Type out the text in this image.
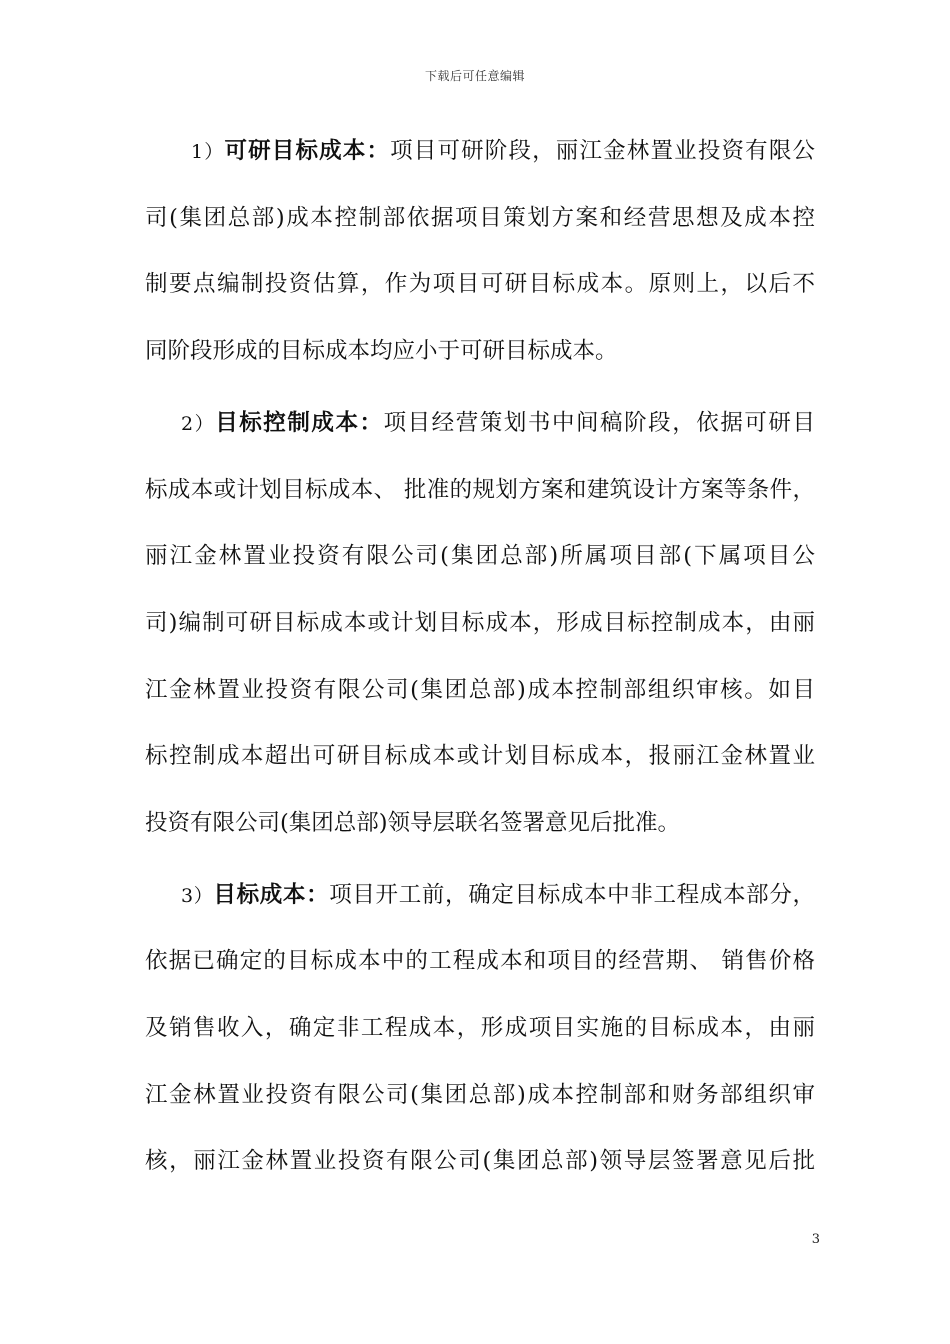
下载后可任意编辑
1）可研目标成本：项目可研阶段，丽江金林置业投资有限公
司(集团总部)成本控制部依据项目策划方案和经营思想及成本控
制要点编制投资估算，作为项目可研目标成本。原则上，以后不
同阶段形成的目标成本均应小于可研目标成本。
2）目标控制成本：项目经营策划书中间稿阶段，依据可研目
标成本或计划目标成本、 批准的规划方案和建筑设计方案等条件，
丽江金林置业投资有限公司(集团总部)所属项目部(下属项目公
司)编制可研目标成本或计划目标成本，形成目标控制成本，由丽
江金林置业投资有限公司(集团总部)成本控制部组织审核。如目
标控制成本超出可研目标成本或计划目标成本，报丽江金林置业
投资有限公司(集团总部)领导层联名签署意见后批准。
3）目标成本：项目开工前，确定目标成本中非工程成本部分，
依据已确定的目标成本中的工程成本和项目的经营期、 销售价格
及销售收入，确定非工程成本，形成项目实施的目标成本，由丽
江金林置业投资有限公司(集团总部)成本控制部和财务部组织审
核，丽江金林置业投资有限公司(集团总部)领导层签署意见后批
3
